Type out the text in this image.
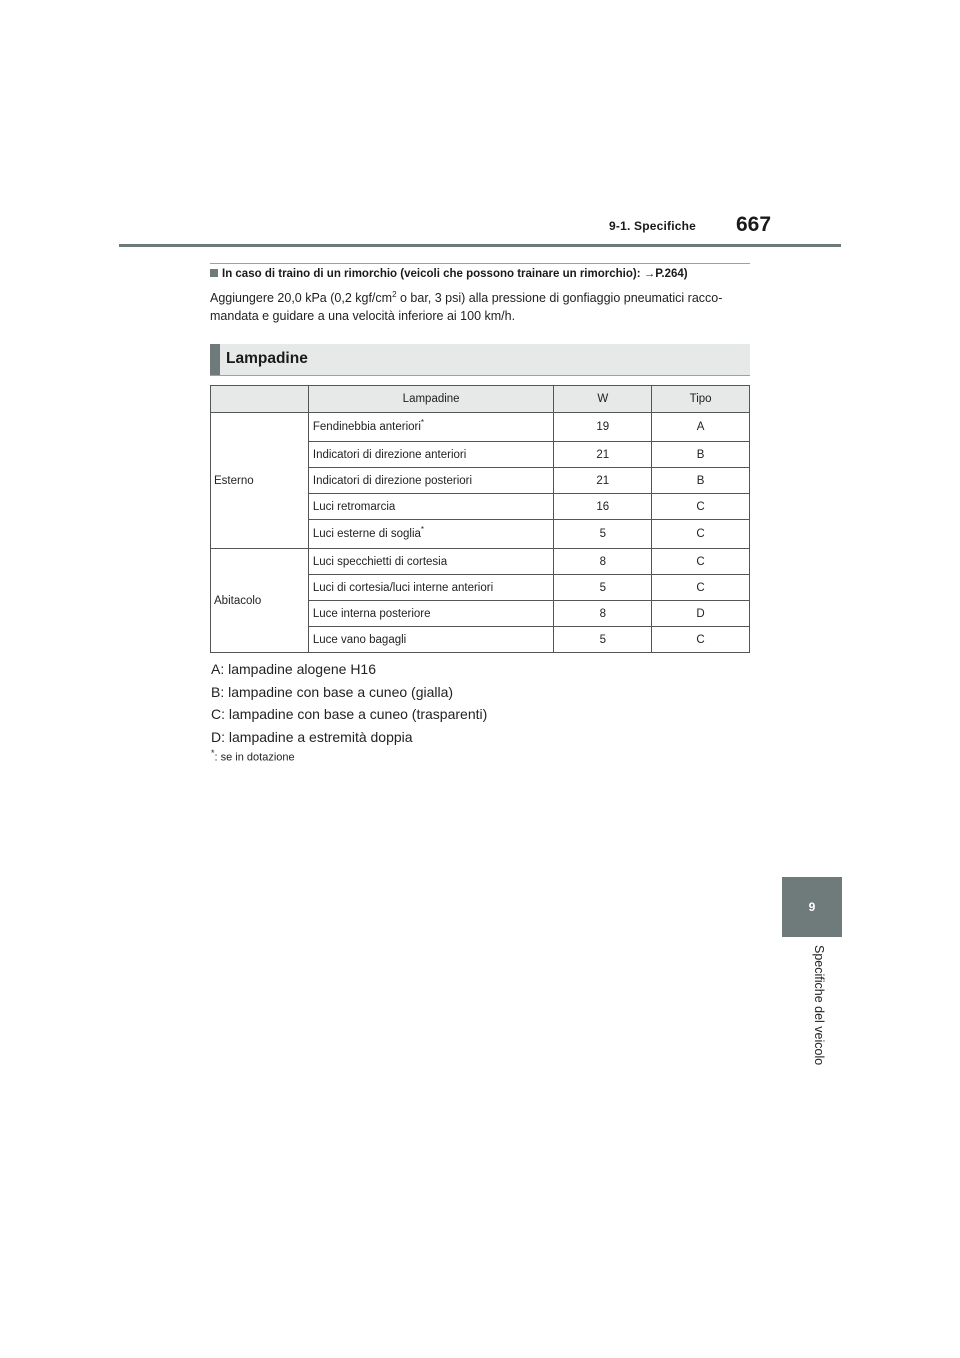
9-1. Specifiche 667
9
Specifiche del veicolo
In caso di traino di un rimorchio (veicoli che possono trainare un rimorchio): →P.264)
Aggiungere 20,0 kPa (0,2 kgf/$cm^2$ o bar, 3 psi) alla pressione di gonfiaggio pneumatici racco-
mandata e guidare a una velocità inferiore ai 100 km/h.
Lampadine
	Lampadine	W	Tipo
Esterno	Fendinebbia anteriori*	19	A
	Indicatori di direzione anteriori	21	B
	Indicatori di direzione posteriori	21	B
	Luci retromarcia	16	C
	Luci esterne di soglia*	5	C
Abitacolo	Luci specchietti di cortesia	8	C
	Luci di cortesia/luci interne anteriori	5	C
	Luce interna posteriore	8	D
	Luce vano bagagli	5	C
A: lampadine alogene H16
B: lampadine con base a cuneo (gialla)
C: lampadine con base a cuneo (trasparenti)
D: lampadine a estremità doppia
*: se in dotazione
